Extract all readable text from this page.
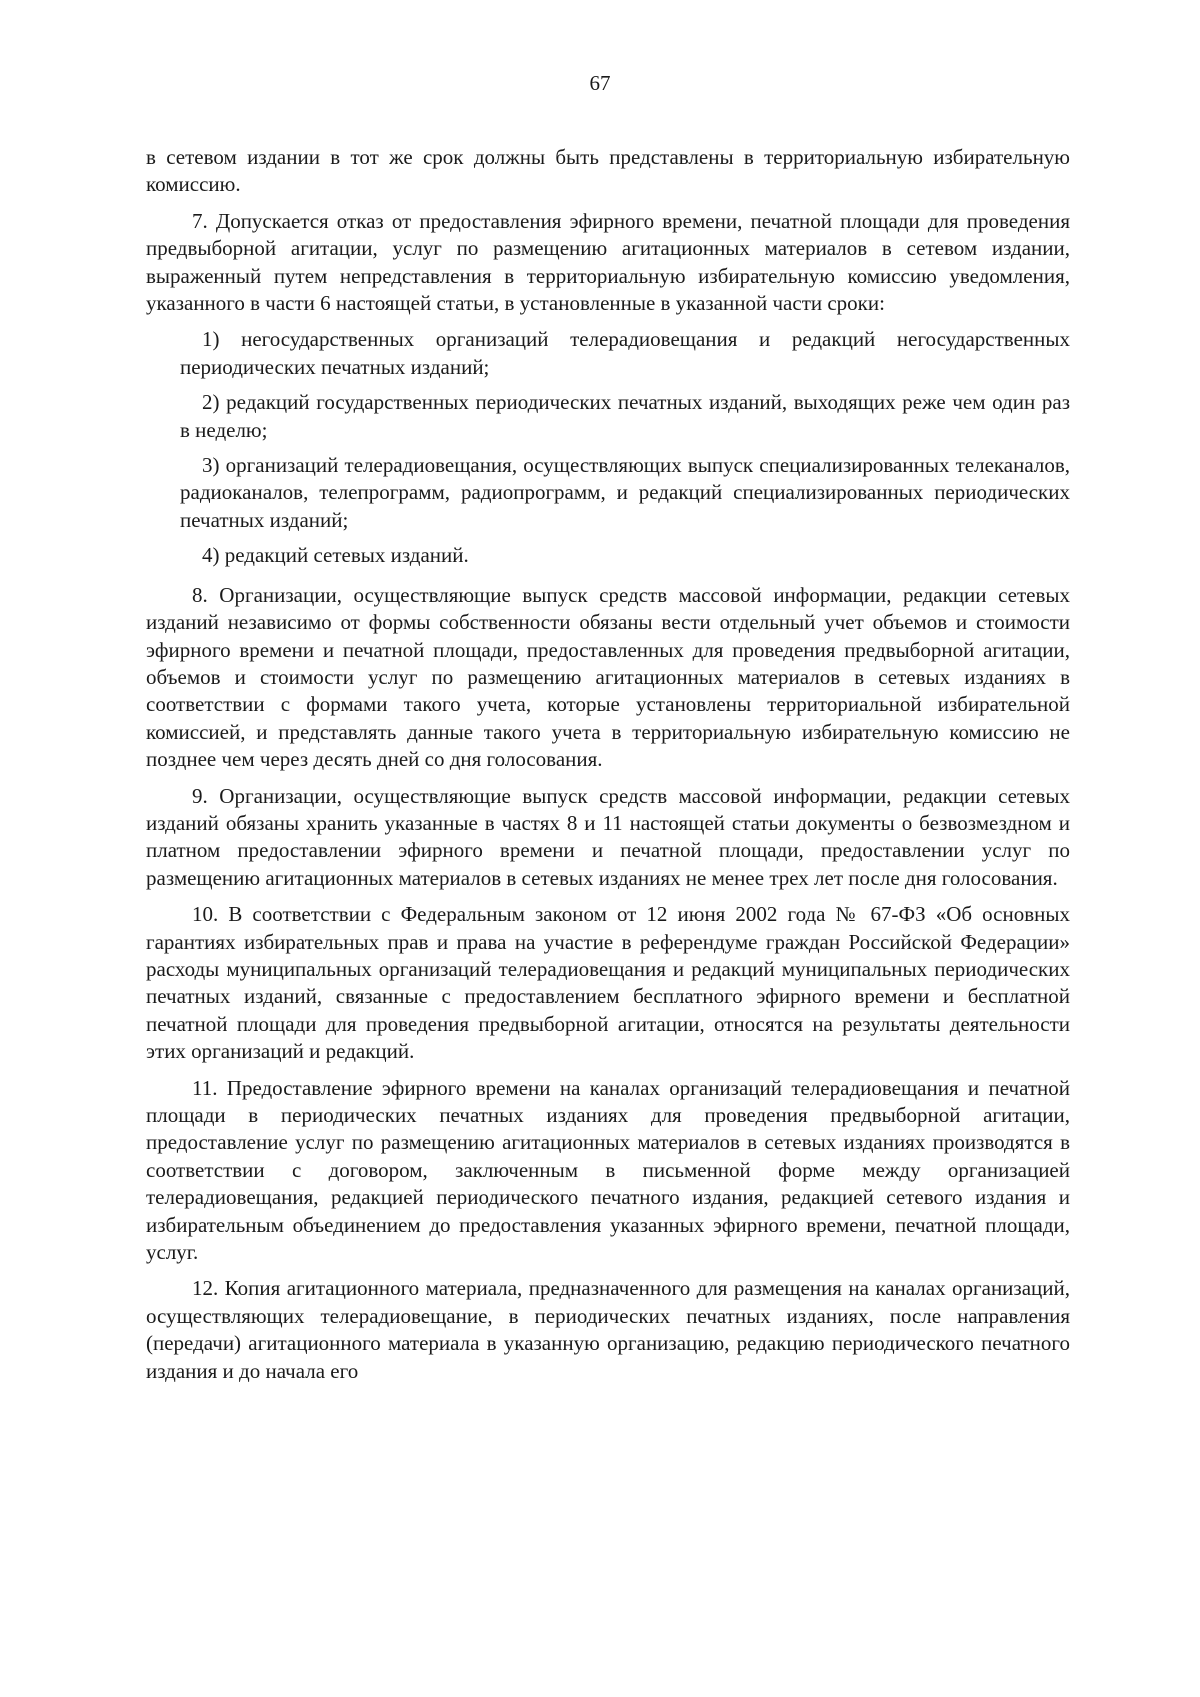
67

в сетевом издании в тот же срок должны быть представлены в территориальную избирательную комиссию.

7. Допускается отказ от предоставления эфирного времени, печатной площади для проведения предвыборной агитации, услуг по размещению агитационных материалов в сетевом издании, выраженный путем непредставления в территориальную избирательную комиссию уведомления, указанного в части 6 настоящей статьи, в установленные в указанной части сроки:

1) негосударственных организаций телерадиовещания и редакций негосударственных периодических печатных изданий;

2) редакций государственных периодических печатных изданий, выходящих реже чем один раз в неделю;

3) организаций телерадиовещания, осуществляющих выпуск специализированных телеканалов, радиоканалов, телепрограмм, радиопрограмм, и редакций специализированных периодических печатных изданий;

4) редакций сетевых изданий.

8. Организации, осуществляющие выпуск средств массовой информации, редакции сетевых изданий независимо от формы собственности обязаны вести отдельный учет объемов и стоимости эфирного времени и печатной площади, предоставленных для проведения предвыборной агитации, объемов и стоимости услуг по размещению агитационных материалов в сетевых изданиях в соответствии с формами такого учета, которые установлены территориальной избирательной комиссией, и представлять данные такого учета в территориальную избирательную комиссию не позднее чем через десять дней со дня голосования.

9. Организации, осуществляющие выпуск средств массовой информации, редакции сетевых изданий обязаны хранить указанные в частях 8 и 11 настоящей статьи документы о безвозмездном и платном предоставлении эфирного времени и печатной площади, предоставлении услуг по размещению агитационных материалов в сетевых изданиях не менее трех лет после дня голосования.

10. В соответствии с Федеральным законом от 12 июня 2002 года № 67-ФЗ «Об основных гарантиях избирательных прав и права на участие в референдуме граждан Российской Федерации» расходы муниципальных организаций телерадиовещания и редакций муниципальных периодических печатных изданий, связанные с предоставлением бесплатного эфирного времени и бесплатной печатной площади для проведения предвыборной агитации, относятся на результаты деятельности этих организаций и редакций.

11. Предоставление эфирного времени на каналах организаций телерадиовещания и печатной площади в периодических печатных изданиях для проведения предвыборной агитации, предоставление услуг по размещению агитационных материалов в сетевых изданиях производятся в соответствии с договором, заключенным в письменной форме между организацией телерадиовещания, редакцией периодического печатного издания, редакцией сетевого издания и избирательным объединением до предоставления указанных эфирного времени, печатной площади, услуг.

12. Копия агитационного материала, предназначенного для размещения на каналах организаций, осуществляющих телерадиовещание, в периодических печатных изданиях, после направления (передачи) агитационного материала в указанную организацию, редакцию периодического печатного издания и до начала его
